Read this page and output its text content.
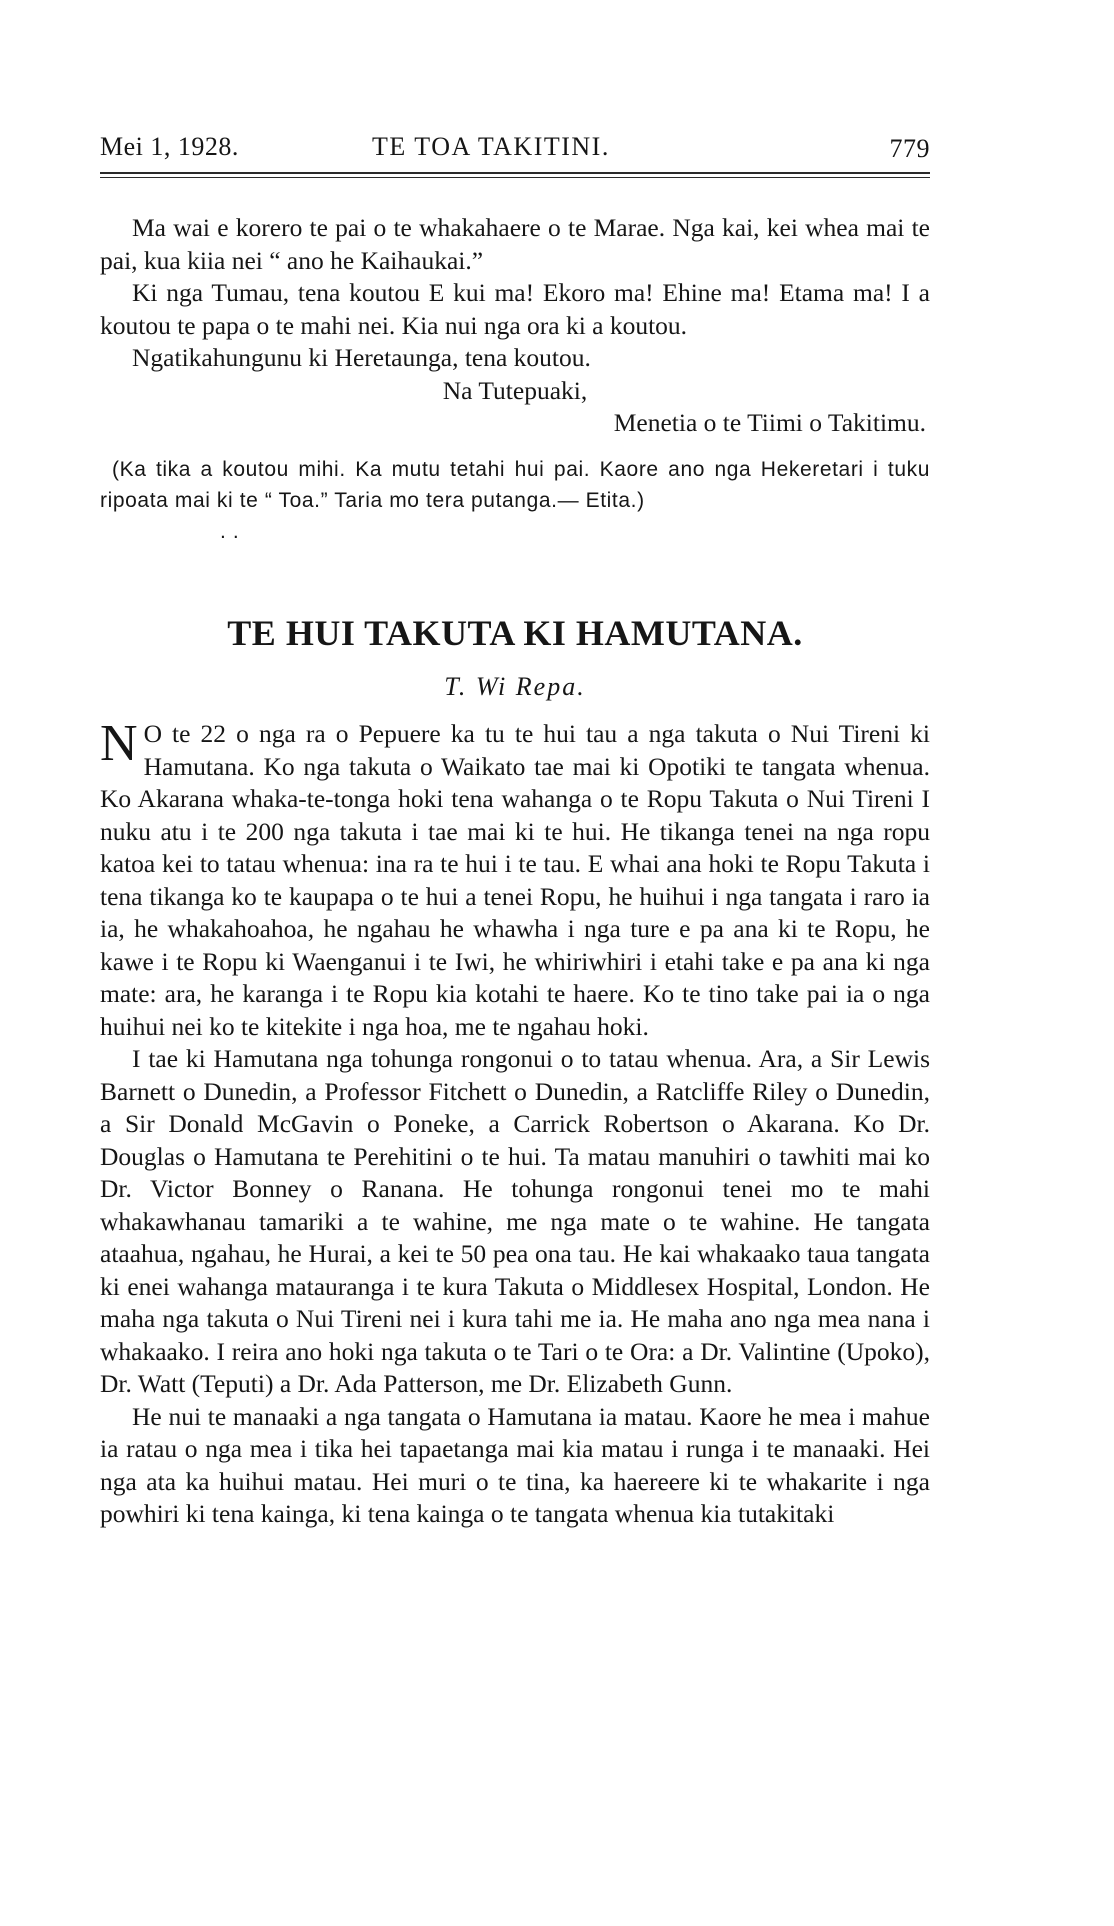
Mei 1, 1928.	TE TOA TAKITINI.	779

Ma wai e korero te pai o te whakahaere o te Marae. Nga kai, kei whea mai te pai, kua kiia nei “ ano he Kaihaukai.”

Ki nga Tumau, tena koutou E kui ma! Ekoro ma! Ehine ma! Etama ma! I a koutou te papa o te mahi nei. Kia nui nga ora ki a koutou.

Ngatikahungunu ki Heretaunga, tena koutou.

Na Tutepuaki,

Menetia o te Tiimi o Takitimu.

(Ka tika a koutou mihi. Ka mutu tetahi hui pai. Kaore ano nga Hekeretari i tuku ripoata mai ki te “ Toa.” Taria mo tera putanga.— Etita.)

. .
TE HUI TAKUTA KI HAMUTANA.
T. Wi Repa.

N O te 22 o nga ra o Pepuere ka tu te hui tau a nga takuta o Nui Tireni ki Hamutana. Ko nga takuta o Waikato tae mai ki Opotiki te tangata whenua. Ko Akarana whaka-te-tonga hoki tena wahanga o te Ropu Takuta o Nui Tireni I nuku atu i te 200 nga takuta i tae mai ki te hui. He tikanga tenei na nga ropu katoa kei to tatau whenua: ina ra te hui i te tau. E whai ana hoki te Ropu Takuta i tena tikanga ko te kaupapa o te hui a tenei Ropu, he huihui i nga tangata i raro ia ia, he whakahoahoa, he ngahau he whawha i nga ture e pa ana ki te Ropu, he kawe i te Ropu ki Waenganui i te Iwi, he whiriwhiri i etahi take e pa ana ki nga mate: ara, he karanga i te Ropu kia kotahi te haere. Ko te tino take pai ia o nga huihui nei ko te kitekite i nga hoa, me te ngahau hoki.

I tae ki Hamutana nga tohunga rongonui o to tatau whenua. Ara, a Sir Lewis Barnett o Dunedin, a Professor Fitchett o Dunedin, a Ratcliffe Riley o Dunedin, a Sir Donald McGavin o Poneke, a Carrick Robertson o Akarana. Ko Dr. Douglas o Hamutana te Perehitini o te hui. Ta matau manuhiri o tawhiti mai ko Dr. Victor Bonney o Ranana. He tohunga rongonui tenei mo te mahi whakawhanau tamariki a te wahine, me nga mate o te wahine. He tangata ataahua, ngahau, he Hurai, a kei te 50 pea ona tau. He kai whakaako taua tangata ki enei wahanga matauranga i te kura Takuta o Middlesex Hospital, London. He maha nga takuta o Nui Tireni nei i kura tahi me ia. He maha ano nga mea nana i whakaako. I reira ano hoki nga takuta o te Tari o te Ora: a Dr. Valintine (Upoko), Dr. Watt (Teputi) a Dr. Ada Patterson, me Dr. Elizabeth Gunn.

He nui te manaaki a nga tangata o Hamutana ia matau. Kaore he mea i mahue ia ratau o nga mea i tika hei tapaetanga mai kia matau i runga i te manaaki. Hei nga ata ka huihui matau. Hei muri o te tina, ka haereere ki te whakarite i nga powhiri ki tena kainga, ki tena kainga o te tangata whenua kia tutakitaki
